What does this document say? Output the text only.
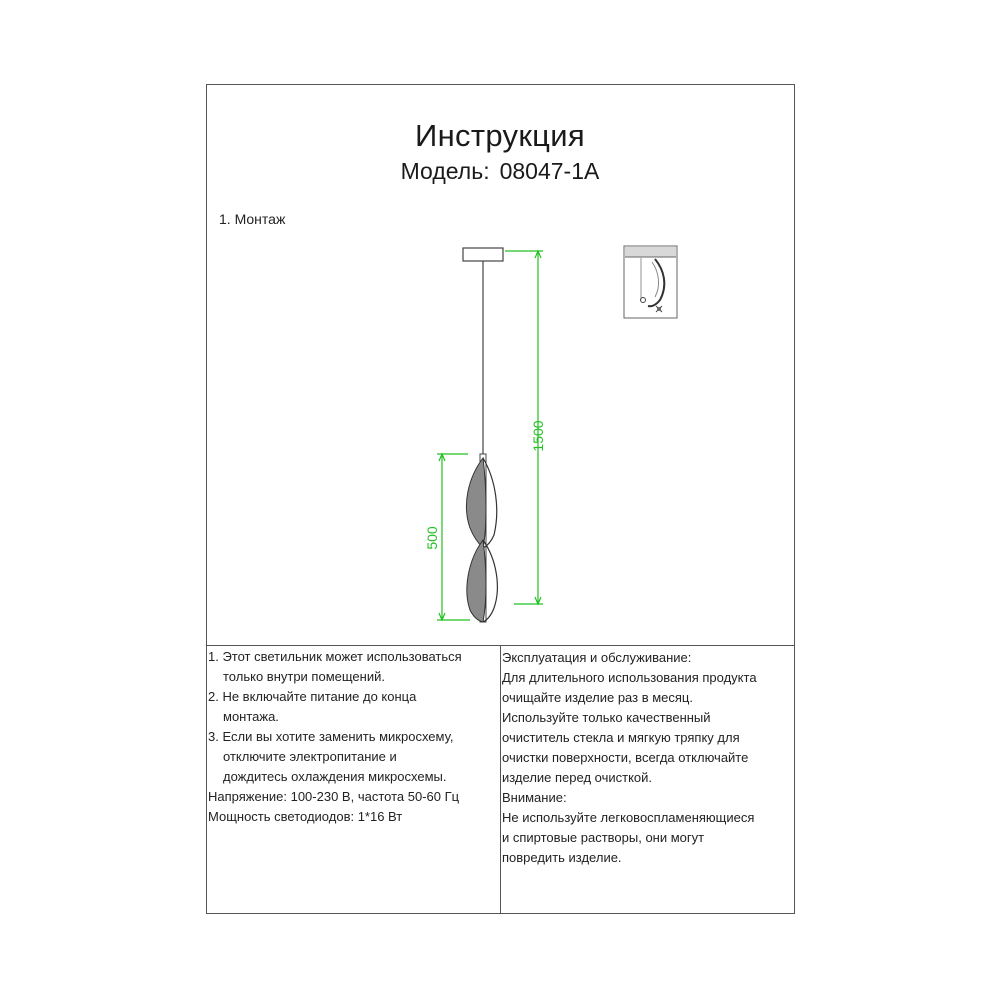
Инструкция
Модель: 08047-1A
1. Монтаж
1500
500
1. Этот светильник может использоваться
только внутри помещений.
2. Не включайте питание до конца
монтажа.
3. Если вы хотите заменить микросхему,
отключите электропитание и
дождитесь охлаждения микросхемы.
Напряжение: 100-230 В, частота 50-60 Гц
Мощность светодиодов: 1*16 Вт
Эксплуатация и обслуживание:
Для длительного использования продукта
очищайте изделие раз в месяц.
Используйте только качественный
очиститель стекла и мягкую тряпку для
очистки поверхности, всегда отключайте
изделие перед очисткой.
Внимание:
Не используйте легковоспламеняющиеся
и спиртовые растворы, они могут
повредить изделие.
